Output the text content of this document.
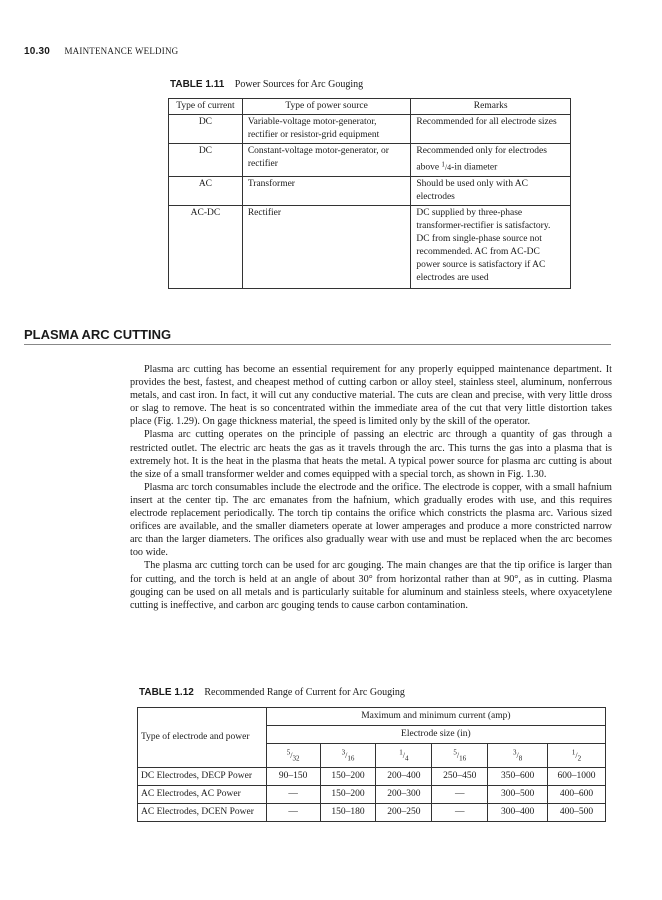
10.30 MAINTENANCE WELDING
TABLE 1.11 Power Sources for Arc Gouging
Type of current	Type of power source	Remarks
DC	Variable-voltage motor-generator, rectifier or resistor-grid equipment	Recommended for all electrode sizes
DC	Constant-voltage motor-generator, or rectifier	Recommended only for electrodes above $^1$/4-in diameter
AC	Transformer	Should be used only with AC electrodes
AC-DC	Rectifier	DC supplied by three-phase transformer-rectifier is satisfactory. DC from single-phase source not recommended. AC from AC-DC power source is satisfactory if AC electrodes are used
PLASMA ARC CUTTING

Plasma arc cutting has become an essential requirement for any properly equipped maintenance department. It provides the best, fastest, and cheapest method of cutting carbon or alloy steel, stainless steel, aluminum, nonferrous metals, and cast iron. In fact, it will cut any conductive material. The cuts are clean and precise, with very little dross or slag to remove. The heat is so concentrated within the immediate area of the cut that very little distortion takes place (Fig. 1.29). On gage thickness material, the speed is limited only by the skill of the operator.

Plasma arc cutting operates on the principle of passing an electric arc through a quantity of gas through a restricted outlet. The electric arc heats the gas as it travels through the arc. This turns the gas into a plasma that is extremely hot. It is the heat in the plasma that heats the metal. A typical power source for plasma arc cutting is about the size of a small transformer welder and comes equipped with a special torch, as shown in Fig. 1.30.

Plasma arc torch consumables include the electrode and the orifice. The electrode is copper, with a small hafnium insert at the center tip. The arc emanates from the hafnium, which gradually erodes with use, and this requires electrode replacement periodically. The torch tip contains the orifice which constricts the plasma arc. Various sized orifices are available, and the smaller diameters operate at lower amperages and produce a more constricted narrow arc than the larger diameters. The orifices also gradually wear with use and must be replaced when the arc becomes too wide.

The plasma arc cutting torch can be used for arc gouging. The main changes are that the tip orifice is larger than for cutting, and the torch is held at an angle of about 30° from horizontal rather than at 90°, as in cutting. Plasma gouging can be used on all metals and is particularly suitable for aluminum and stainless steels, where oxyacetylene cutting is ineffective, and carbon arc gouging tends to cause carbon contamination.

TABLE 1.12 Recommended Range of Current for Arc Gouging
Type of electrode and power	Maximum and minimum current (amp)					
	Electrode size (in)					
	$^5/_{32}$	$^3/_{16}$	$^1/_4$	$^5/_{16}$	$^3/_8$	$^1/_2$
DC Electrodes, DECP Power	90–150	150–200	200–400	250–450	350–600	600–1000
AC Electrodes, AC Power	—	150–200	200–300	—	300–500	400–600
AC Electrodes, DCEN Power	—	150–180	200–250	—	300–400	400–500
